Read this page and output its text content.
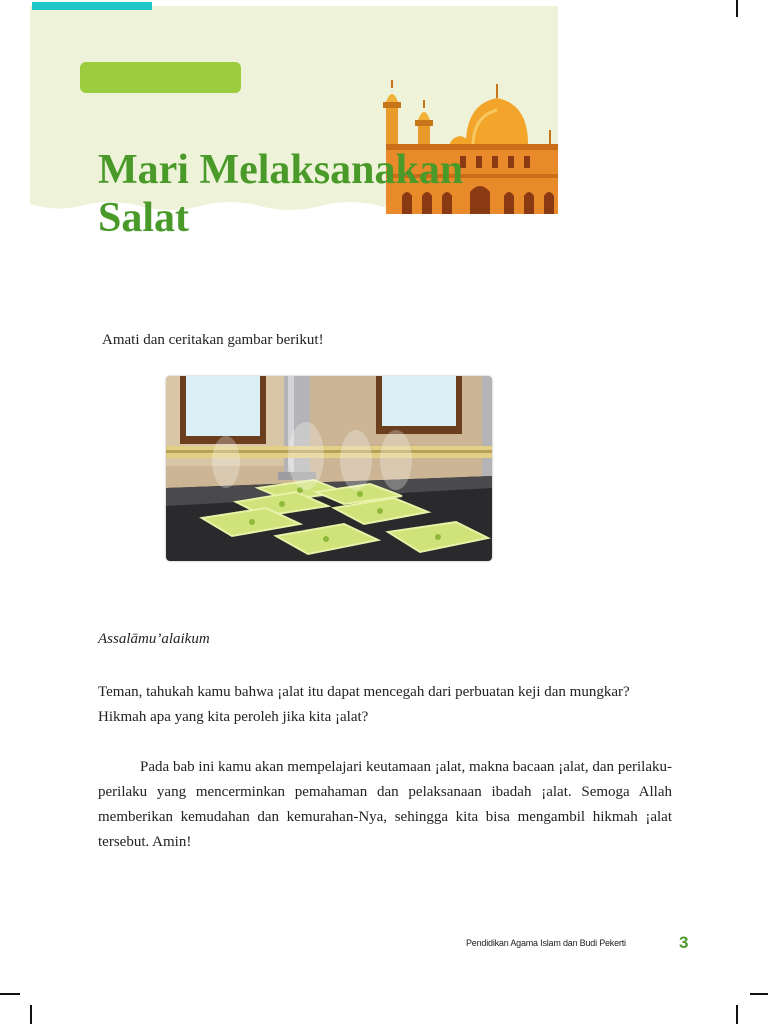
Mari Melaksanakan
Salat
Amati dan ceritakan gambar berikut!
Assalāmu’alaikum

Teman, tahukah kamu bahwa ¡alat itu dapat mencegah dari perbuatan keji dan mungkar? Hikmah apa yang kita peroleh jika kita ¡alat?

Pada bab ini kamu akan mempelajari keutamaan ¡alat, makna bacaan ¡alat, dan perilaku-perilaku yang mencerminkan pemahaman dan pelaksanaan ibadah ¡alat. Semoga Allah memberikan kemudahan dan kemurahan-Nya, sehingga kita bisa mengambil hikmah ¡alat tersebut. Amin!

Pendidikan Agama Islam dan Budi Pekerti	3
